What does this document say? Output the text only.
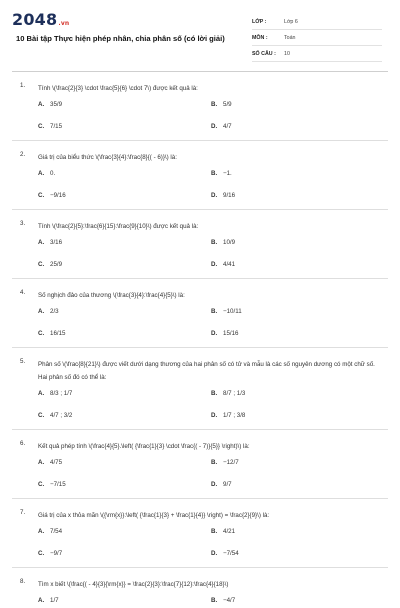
2048.vn
10 Bài tập Thực hiện phép nhân, chia phân số (có lời giải)
LỚP :	Lớp 6
MÔN :	Toán
SỐ CÂU :	10
1. Tính \(\frac{2}{3} \cdot \frac{5}{6} \cdot 7\) được kết quả là:
A. 35/9	B. 5/9
C. 7/15	D. 4/7
2. Giá trị của biểu thức \(\frac{3}{4}:\frac{8}{( - 6)}\) là:
A. 0.	B. −1.
C. −9/16	D. 9/16
3. Tính \(\frac{2}{5}:\frac{6}{15}:\frac{9}{10}\) được kết quả là:
A. 3/16	B. 10/9
C. 25/9	D. 4/41
4. Số nghịch đảo của thương \(\frac{3}{4}:\frac{4}{5}\) là:
A. 2/3	B. −10/11
C. 16/15	D. 15/16
5. Phân số \(\frac{8}{21}\) được viết dưới dạng thương của hai phân số có tử và mẫu là các số nguyên dương có một chữ số. Hai phân số đó có thể là:
A. 8/3 ; 1/7	B. 8/7 ; 1/3
C. 4/7 ; 3/2	D. 1/7 ; 3/8
6. Kết quả phép tính \(\frac{4}{5}.\left( {\frac{1}{3} \cdot \frac{( - 7)}{5}} \right)\) là:
A. 4/75	B. −12/7
C. −7/15	D. 9/7
7. Giá trị của x thỏa mãn \({\rm{x}}:\left( {\frac{1}{3} + \frac{1}{4}} \right) = \frac{2}{9}\) là:
A. 7/54	B. 4/21
C. −9/7	D. −7/54
8. Tìm x biết \(\frac{( - 4}{3}{\rm{x}} = \frac{2}{3}:\frac{7}{12}:\frac{4}{18}\)
A. 1/7	B. −4/7
